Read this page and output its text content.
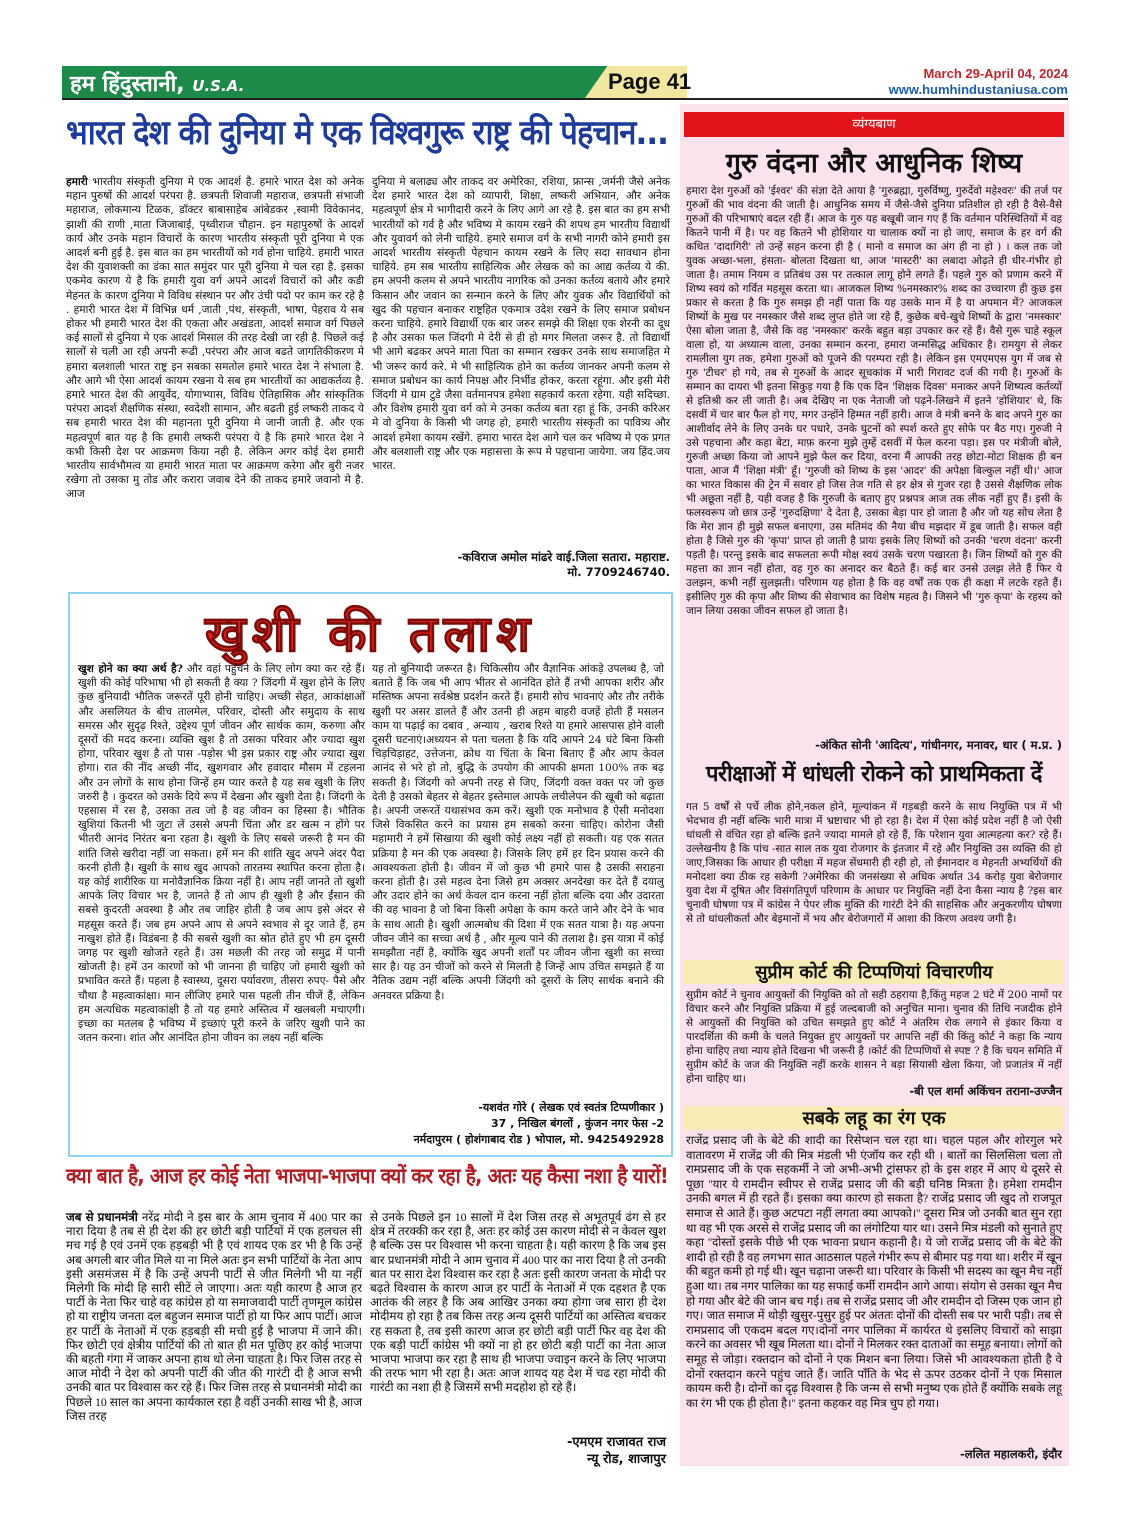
हम हिंदुस्तानी, U.S.A.	Page 41	March 29-April 04, 2024
www.humhindustaniusa.com
भारत देश की दुनिया मे एक विश्वगुरू राष्ट्र की पेहचान...
हमारी भारतीय संस्कृती दुनिया मे एक आदर्श है. हमारे भारत देश को अनेक महान पुरुषों की आदर्श परंपरा है. छत्रपती शिवाजी महाराज, छत्रपती संभाजी महाराज, लोकमान्य टिळक, डॉक्टर बाबासाहेब आंबेडकर ,स्वामी विवेकानंद, झाशी की राणी ,माता जिजाबाई, पृथ्वीराज चौहान. इन महापुरुषों के आदर्श कार्य और उनके महान विचारों के कारण भारतीय संस्कृती पूरी दुनिया मे एक आदर्श बनी हुई है. इस बात का हम भारतीयों को गर्व होना चाहिये. हमारी भारत देश की युवाशक्ती का डंका सात समुंदर पार पूरी दुनिया मे चल रहा है. इसका एकमेव कारण ये है कि हमारी युवा वर्ग अपने आदर्श विचारों को और कडी मेहनत के कारण दुनिया मे विविध संस्थान पर और उंची पदो पर काम कर रहे है . हमारी भारत देश में विभिन्न धर्म ,जाती ,पंथ, संस्कृती, भाषा, पेहराव ये सब होकर भी हमारी भारत देश की एकता और अखंडता, आदर्श समाज वर्ग पिछले कई सालों से दुनिया मे एक आदर्श मिसाल की तरह देखी जा रही है. पिछले कई सालों से चली आ रही अपनी रूढी ,परंपरा और आज बढते जागतिकीकरण मे हमारा बलशाली भारत राष्ट्र इन सबका समतोल हमारे भारत देश ने संभाला है. और आगे भी ऐसा आदर्श कायम रखना ये सब हम भारतीयों का आद्यकर्तव्य है. हमारे भारत देश की आयुर्वेद, योगाभ्यास, विविध ऐतिहासिक और सांस्कृतिक परंपरा आदर्श शैक्षणिक संस्था, स्वदेशी सामान, और बढती हुई लष्करी ताकद ये सब हमारी भारत देश की महानता पूरी दुनिया मे जानी जाती है. और एक महत्वपूर्ण बात यह है कि हमारी लष्करी परंपरा ये है कि हमारे भारत देश ने कभी किसी देश पर आक्रमण किया नही है. लेकिन अगर कोई देश हमारी भारतीय सार्वभौमत्व या हमारी भारत माता पर आक्रमण करेगा और बुरी नजर रखेगा तो उसका मु तोड और करारा जवाब देने की ताकद हमारे जवानो मे है. आज
दुनिया मे बलाढ्य और ताकद वर अमेरिका, रशिया, फ्रान्स ,जर्मनी जैसे अनेक देश हमारे भारत देश को व्यापारी, शिक्षा, लष्करी अभियान, और अनेक महत्वपूर्ण क्षेत्र मे भागीदारी करने के लिए आगे आ रहे है. इस बात का हम सभी भारतीयों को गर्व है और भविष्य मे कायम रखने की शपथ हम भारतीय विद्यार्थी और युवावर्ग को लेनी चाहिये. हमारे समाज वर्ग के सभी नागरी कोने हमारी इस आदर्श भारतीय संस्कृती पेहचान कायम रखने के लिए सदा सावधान होना चाहिये. हम सब भारतीय साहित्यिक और लेखक को का आद्य कर्तव्य ये की. हम अपनी कलम से अपने भारतीय नागरिक को उनका कर्तव्य बताये और हमारे किसान और जवान का सन्मान करने के लिए और युवक और विद्यार्थियों को खुद की पहचान बनाकर राष्ट्रहित एकमात्र उदेश रखने के लिए समाज प्रबोधन करना चाहिये. हमारे विद्यार्थी एक बार जरुर समझे की शिक्षा एक शेरनी का दूध है और उसका फल जिंदगी मे देरी से ही हो मगर मिलता जरूर है. तो विद्यार्थी भी आगे बढकर अपने माता पिता का सम्मान रखकर उनके साथ समाजहित मे भी जरूर कार्य करे. मे भी साहित्यिक होने का कर्तव्य जानकर अपनी कलम से समाज प्रबोधन का कार्य निपक्ष और निर्भीड होकर, करता रहूंगा. और इसी मेरी जिंदगी मे ग्राम टुडे जैसा वर्तमानपत्र हमेशा सहकार्य करता रहेगा. यही सदिच्छा. और विशेष हमारी युवा वर्ग को मे उनका कर्तव्य बता रहा हूं कि, उनकी करिअर मे वो दुनिया के किसी भी जगह हो, हमारी भारतीय संस्कृती का पावित्र्य और आदर्श हमेशा कायम रखेंगे. हमारा भारत देश आगे चल कर भविष्य मे एक प्रगत और बलशाली राष्ट्र और एक महासत्ता के रूप मे पहचाना जायेगा. जय हिंद.जय भारत.
-कविराज अमोल मांढरे वाई.जिला सतारा. महाराष्ट.
मो. 7709246740.
खुशी की तलाश
खुश होने का क्या अर्थ है? और वहां पहुंचने के लिए लोग क्या कर रहे हैं। खुशी की कोई परिभाषा भी हो सकती है क्या ? जिंदगी में खुश होने के लिए कुछ बुनियादी भौतिक जरूरतें पूरी होनी चाहिए। अच्छी सेहत, आकांक्षाओं और असलियत के बीच तालमेल, परिवार, दोस्ती और समुदाय के साथ समरस और सुदृढ़ रिश्ते, उद्देश्य पूर्ण जीवन और सार्थक काम, करुणा और दूसरों की मदद करना। व्यक्ति खुश है तो उसका परिवार और ज्यादा खुश होगा, परिवार खुश है तो पास -पड़ोस भी इस प्रकार राष्ट्र और ज्यादा खुश होगा। रात की नींद अच्छी नींद, खुशगवार और हवादार मौसम में टहलना और उन लोगों के साथ होना जिन्हें हम प्यार करते है यह सब खुशी के लिए जरुरी है । कुदरत को उसके दिये रूप में देखना और खुशी देता है। जिंदगी के एहसास में रस है, उसका तत्व जो है वह जीवन का हिस्सा है। भौतिक खुशियां कितनी भी जुटा लें उससे अपनी चिंता और डर खत्म न होंगे पर भीतरी आनंद निरंतर बना रहता है। खुशी के लिए सबसे जरूरी है मन की शांति जिसे खरीदा नहीं जा सकता। हमें मन की शांति खुद अपने अंदर पैदा करनी होती है। खुशी के साथ खुद आपको तारतम्य स्थापित करना होता है। यह कोई शारीरिक या मनोवैज्ञानिक क्रिया नहीं है। आप नहीं जानते तो खुशी आपके लिए विचार भर है, जानते हैं तो आप ही खुशी है और ईंसान की सबसे कुदरती अवस्था है और तब जाहिर होती है जब आप इसे अंदर से महसूस करते हैं। जब हम अपने आप से अपने स्वभाव से दूर जाते हैं, हम नाखुश होते हैं। विडंबना है की सबसे खुशी का स्रोत होते हुए भी हम दूसरी जगह पर खुशी खोजते रहते हैं। उस मछली की तरह जो समुद्र में पानी खोजती है। हमें उन कारणों को भी जानना ही चाहिए जो हमारी खुशी को प्रभावित करते हैं। पहला है स्वास्थ्य, दूसरा पर्यावरण, तीसरा रुपए- पैसे और चौथा है महत्वाकांक्षा। मान लीजिए हमारे पास पहली तीन चीजें हैं, लेकिन हम अत्यधिक महत्वाकांक्षी है तो यह हमारे अस्तित्व में खलबली मचाएगी। इच्छा का मतलब है भविष्य में इच्छाएं पूरी करने के जरिए खुशी पाने का जतन करना। शांत और आनंदित होना जीवन का लक्ष्य नहीं बल्कि
यह तो बुनियादी जरूरत है। चिकित्सीय और वैज्ञानिक आंकड़े उपलब्ध है, जो बताते हैं कि जब भी आप भीतर से आनंदित होते हैं तभी आपका शरीर और मस्तिष्क अपना सर्वश्रेष्ठ प्रदर्शन करते हैं। हमारी सोच भावनाएं और तौर तरीके खुशी पर असर डालते हैं और उतनी ही अहम बाहरी वजहें होती हैं मसलन काम या पढ़ाई का दबाव , अन्याय , खराब रिश्ते या हमारे आसपास होने वाली दूसरी घटनाएं।अध्ययन से पता चलता है कि यदि आपने 24 घंटे बिना किसी चिड़चिड़ाहट, उत्तेजना, क्रोध या चिंता के बिना बिताए हैं और आप केवल आनंद से भरे हो तो, बुद्धि के उपयोग की आपकी क्षमता 100% तक बढ़ सकती है। जिंदगी को अपनी तरह से जिए, जिंदगी वक्त वक्त पर जो कुछ देती है उसको बेहतर से बेहतर इस्तेमाल आपके लचीलेपन की खूबी को बढ़ाता है। अपनी जरूरतें यथासंभव कम करें। खुशी एक मनोभाव है ऐसी मनोदशा जिसे विकसित करने का प्रयास हम सबको करना चाहिए। कोरोना जैसी महामारी ने हमें सिखाया की खुशी कोई लक्ष्य नहीं हो सकती। यह एक सतत प्रक्रिया है मन की एक अवस्था है। जिसके लिए हमें हर दिन प्रयास करने की आवश्यकता होती है। जीवन में जो कुछ भी हमारे पास है उसकी सराहना करना होती है। उसे महत्व देना जिसे हम अक्सर अनदेखा कर देते हैं दयालु और उदार होने का अर्थ केवल दान करना नहीं होता बल्कि दया और उदारता की वह भावना है जो बिना किसी अपेक्षा के काम करते जाने और देने के भाव के साथ आती है। खुशी आत्मबोध की दिशा में एक सतत यात्रा है। यह अपना जीवन जीने का सच्चा अर्थ है , और मूल्य पाने की तलाश है। इस यात्रा में कोई समझौता नहीं है, क्योंकि खुद अपनी शर्तों पर जीवन जीना खुशी का सच्चा सार है। यह उन चीजों को करने से मिलती है जिन्हें आप उचित समझते हैं या नैतिक उद्यम नहीं बल्कि अपनी जिंदगी को दूसरों के लिए सार्थक बनाने की अनवरत प्रक्रिया है।
-यशवंत गोरे ( लेखक एवं स्वतंत्र टिप्पणीकार )
37 , निखिल बंगलों , कुंजन नगर फेस -2
नर्मदापुरम ( होशंगाबाद रोड ) भोपाल, मो. 9425492928
क्या बात है, आज हर कोई नेता भाजपा-भाजपा क्यों कर रहा है, अतः यह कैसा नशा है यारों!
जब से प्रधानमंत्री नरेंद्र मोदी ने इस बार के आम चुनाव में 400 पार का नारा दिया है तब से ही देश की हर छोटी बड़ी पार्टियों में एक हलचल सी मच गई है एवं उनमें एक हड़बड़ी भी है एवं शायद एक डर भी है कि उन्हें अब अगली बार जीत मिले या ना मिले अतः इन सभी पार्टियों के नेता आप इसी असमंजस में है कि उन्हें अपनी पार्टी से जीत मिलेगी भी या नहीं मिलेगी कि मोदी हि सारी सीटें ले जाएगा। अतः यही कारण है आज हर पार्टी के नेता फिर चाहे वह कांग्रेस हो या समाजवादी पार्टी तृणमूल कांग्रेस हो या राष्ट्रीय जनता दल बहुजन समाज पार्टी हो या फिर आप पार्टी। आज हर पार्टी के नेताओं में एक हड़बड़ी सी मची हुई है भाजपा में जाने की। फिर छोटी एवं क्षेत्रीय पार्टियों की तो बात ही मत पूछिए हर कोई भाजपा की बहती गंगा में जाकर अपना हाथ धो लेना चाहता है। फिर जिस तरह से आज मोदी ने देश को अपनी पार्टी की जीत की गारंटी दी है आज सभी उनकी बात पर विश्वास कर रहे हैं। फिर जिस तरह से प्रधानमंत्री मोदी का पिछले 10 साल का अपना कार्यकाल रहा है वहीं उनकी साख भी है, आज जिस तरह
से उनके पिछले इन 10 सालों में देश जिस तरह से अभूतपूर्व ढंग से हर क्षेत्र में तरक्की कर रहा है, अतः हर कोई उस कारण मोदी से न केवल खुश है बल्कि उस पर विश्वास भी करना चाहता है। यही कारण है कि जब इस बार प्रधानमंत्री मोदी ने आम चुनाव में 400 पार का नारा दिया है तो उनकी बात पर सारा देश विश्वास कर रहा है अतः इसी कारण जनता के मोदी पर बढ़ते विश्वास के कारण आज हर पार्टी के नेताओं में एक दहशत है एक आतंक की लहर है कि अब आखिर उनका क्या होगा जब सारा ही देश मोदीमय हो रहा है तब किस तरह अन्य दूसरी पार्टियों का अस्तित्व बचकर रह सकता है, तब इसी कारण आज हर छोटी बड़ी पार्टी फिर वह देश की एक बड़ी पार्टी कांग्रेस भी क्यों ना हो हर छोटी बड़ी पार्टी का नेता आज भाजपा भाजपा कर रहा है साथ ही भाजपा ज्वाइन करने के लिए भाजपा की तरफ भाग भी रहा है। अतः आज शायद यह देश में चढ रहा मोदी की गारंटी का नशा ही है जिसमें सभी मदहोश हो रहे हैं।
-एमएम राजावत राज
न्यू रोड, शाजापुर
व्यंग्यबाण
गुरु वंदना और आधुनिक शिष्य
हमारा देश गुरुओं को 'ईश्वर' की संज्ञा देते आया है 'गुरुब्रह्मा, गुरुर्विष्णु, गुरुर्देवो महेश्वरः' की तर्ज पर गुरुओं की भाव वंदना की जाती है। आधुनिक समय में जैसे-जैसे दुनिया प्रतिशील हो रही है वैसे-वैसे गुरुओं की परिभाषाएं बदल रही हैं। आज के गुरु यह बखूबी जान गए हैं कि वर्तमान परिस्थितियों में वह कितने पानी में है। पर वह कितने भी होशियार या चालाक क्यों ना हो जाए, समाज के हर वर्ग की कथित 'दादागिरी' तो उन्हें सहन करना ही है ( मानो व समाज का अंग ही ना हो ) । कल तक जो युवक अच्छा-भला, हंसता- बोलता दिखता था, आज 'मास्टरी' का लबादा ओढ़ते ही धीर-गंभीर हो जाता है। तमाम नियम व प्रतिबंध उस पर तत्काल लागू होने लगते हैं। पहले गुरु को प्रणाम करने में शिष्य स्वयं को गर्वित महसूस करता था। आजकल शिष्य %नमस्कार% शब्द का उच्चारण ही कुछ इस प्रकार से करता है कि गुरु समझ ही नहीं पाता कि यह उसके मान में है या अपमान में? आजकल शिष्यों के मुख पर नमस्कार जैसे शब्द लुप्त होते जा रहे हैं, कुछेक बचे-खुचे शिष्यों के द्वारा 'नमस्कार' ऐसा बोला जाता है, जैसे कि वह 'नमस्कार' करके बहुत बड़ा उपकार कर रहे हैं। वैसे गुरू चाहे स्कूल वाला हो, या अध्यात्म वाला, उनका सम्मान करना, हमारा जन्मसिद्ध अधिकार है। रामयुग से लेकर रामलीला युग तक, हमेशा गुरुओं को पूजने की परम्परा रही है। लेकिन इस एमएमएस युग में जब से गुरु 'टीचर' हो गये, तब से गुरुओं के आदर सूचकांक में भारी गिरावट दर्ज की गयी है। गुरुओं के सम्मान का दायरा भी इतना सिकुड़ गया है कि एक दिन 'शिक्षक दिवस' मनाकर अपने शिष्यत्व कर्तव्यों से इतिश्री कर ली जाती है। अब देखिए ना एक नेताजी जो पढ़ने-लिखने में इतने 'होशियार' थे, कि दसवीं में चार बार फैल हो गए, मगर उन्होंने हिम्मत नहीं हारी। आज वे मंत्री बनने के बाद अपने गुरु का आशीर्वाद लेने के लिए उनके घर पधारे, उनके घुटनों को स्पर्श करते हुए सोफे पर बैठ गए। गुरुजी ने उसे पहचाना और कहा बेटा, माफ़ करना मुझे तुम्हें दसवीं में फेल करना पड़ा। इस पर मंत्रीजी बोले, गुरुजी अच्छा किया जो आपने मुझे फेल कर दिया, वरना मैं आपकी तरह छोटा-मोटा शिक्षक ही बन पाता, आज मैं 'शिक्षा मंत्री' हूँ। 'गुरुजी को शिष्य के इस 'आदर' की अपेक्षा बिल्कुल नहीं थी।' आज का भारत विकास की ट्रेन में सवार हो जिस तेज गति से हर क्षेत्र से गुजर रहा है उससे शैक्षणिक लोक भी अछूता नहीं है, यही वजह है कि गुरुजी के बताए हुए प्रश्नपत्र आज तक लीक नहीं हुए हैं। इसी के फलस्वरूप जो छात्र उन्हें 'गुरुदक्षिणा' दे देता है, उसका बेड़ा पार हो जाता है और जो यह सोच लेता है कि मेरा ज्ञान ही मुझे सफल बनाएगा, उस मतिमंद की नैया बीच मझदार में डूब जाती है। सफल वही होता है जिसे गुरु की 'कृपा' प्राप्त हो जाती है प्रायः इसके लिए शिष्यों को उनकी 'चरण वंदना' करनी पड़ती है। परन्तु इसके बाद सफलता रूपी मोक्ष स्वयं उसके चरण पखारता है। जिन शिष्यों को गुरु की महत्ता का ज्ञान नहीं होता, वह गुरु का अनादर कर बैठते हैं। कई बार उनसे उलझ लेते हैं फिर ये उलझन, कभी नहीं सुलझती। परिणाम यह होता है कि वह वर्षों तक एक ही कक्षा में लटके रहते हैं। इसीलिए गुरु की कृपा और शिष्य की सेवाभाव का विशेष महत्व है। जिसने भी 'गुरु कृपा' के रहस्य को जान लिया उसका जीवन सफल हो जाता है।
-अंकित सोनी 'आदित्य', गांधीनगर, मनावर, धार ( म.प्र. )
परीक्षाओं में धांधली रोकने को प्राथमिकता दें
गत 5 वर्षों से पर्चे लीक होने,नकल होने, मूल्यांकन में गड़बड़ी करने के साथ नियुक्ति पत्र में भी भेदभाव ही नहीं बल्कि भारी मात्रा में भ्रष्टाचार भी हो रहा है। देश में ऐसा कोई प्रदेश नहीं है जो ऐसी धांधली से वंचित रहा हो बल्कि इतने ज्यादा मामले हो रहे हैं, कि परेशान युवा आत्महत्या कर? रहे हैं। उल्लेखनीय है कि पांच -सात साल तक युवा रोजगार के इंतजार में रहे और नियुक्ति उस व्यक्ति की हो जाए,जिसका कि आधार ही परीक्षा में महज सेंधमारी ही रही हो, तो ईमानदार व मेहनती अभ्यर्थियों की मनोदशा क्या ठीक रह सकेगी ?अमेरिका की जनसंख्या से अधिक अर्थात 34 करोड़ युवा बेरोजगार युवा देश में दूषित और विसंगतिपूर्ण परिणाम के आधार पर नियुक्ति नहीं देना कैसा न्याय है ?इस बार चुनावी घोषणा पत्र में कांग्रेस ने पेपर लीक मुक्ति की गारंटी देने की साहसिक और अनुकरणीय घोषणा से तो धांधलीकर्ता और बेइमानों में भय और बेरोजगारों में आशा की किरण अवश्य जगी है।
सुप्रीम कोर्ट की टिप्पणियां विचारणीय
सुप्रीम कोर्ट ने चुनाव आयुक्तों की नियुक्ति को तो सही ठहराया है,किंतु महज 2 घंटे में 200 नामों पर विचार करने और नियुक्ति प्रक्रिया में हुई जल्दबाजी को अनुचित माना। चुनाव की तिथि नजदीक होने से आयुक्तों की नियुक्ति को उचित समझते हुए कोर्ट ने अंतरिम रोक लगाने से इंकार किया व पारदर्शिता की कमी के चलते नियुक्त हुए आयुक्तों पर आपत्ति नहीं की किंतु कोर्ट ने कहा कि न्याय होना चाहिए तथा न्याय होते दिखना भी जरूरी है ।कोर्ट की टिप्पणियों से स्पष्ट ? है कि चयन समिति में सुप्रीम कोर्ट के जज की नियुक्ति नहीं करके शासन ने बड़ा सियासी खेला किया, जो प्रजातंत्र में नहीं होना चाहिए था।
-बी एल शर्मा अकिंचन तराना-उज्जैन
सबके लहू का रंग एक
राजेंद्र प्रसाद जी के बेटे की शादी का रिसेप्शन चल रहा था। चहल पहल और शोरगुल भरे वातावरण में राजेंद्र जी की मित्र मंडली भी एंजॉय कर रही थी । बातों का सिलसिला चला तो रामप्रसाद जी के एक सहकर्मी ने जो अभी-अभी ट्रांसफर हो के इस शहर में आए थे दूसरे से पूछा ''यार ये रामदीन स्वीपर से राजेंद्र प्रसाद जी की बड़ी घनिष्ठ मित्रता है। हमेशा रामदीन उनकी बगल में ही रहते हैं। इसका क्या कारण हो सकता है? राजेंद्र प्रसाद जी खुद तो राजपूत समाज से आते हैं। कुछ अटपटा नहीं लगता क्या आपको।'' दूसरा मित्र जो उनकी बात सुन रहा था वह भी एक अरसे से राजेंद्र प्रसाद जी का लंगोटिया यार था। उसने मित्र मंडली को सुनाते हुए कहा ''दोस्तों इसके पीछे भी एक भावना प्रधान कहानी है। ये जो राजेंद्र प्रसाद जी के बेटे की शादी हो रही है वह लगभग सात आठसाल पहले गंभीर रूप से बीमार पड़ गया था। शरीर में खून की बहुत कमी हो गई थी। खून चढ़ाना जरूरी था। परिवार के किसी भी सदस्य का खून मैच नहीं हुआ था। तब नगर पालिका का यह सफाई कर्मी रामदीन आगे आया। संयोग से उसका खून मैच हो गया और बेटे की जान बच गई। तब से राजेंद्र प्रसाद जी और रामदीन दो जिस्म एक जान हो गए। जात समाज में थोड़ी खुसुर-पुसुर हुई पर अंततः दोनों की दोस्ती सब पर भारी पड़ी। तब से रामप्रसाद जी एकदम बदल गए।दोनों नगर पालिका में कार्यरत थे इसलिए विचारों को साझा करने का अवसर भी खूब मिलता था। दोनों ने मिलकर रक्त दाताओं का समूह बनाया। लोगों को समूह से जोड़ा। रक्तदान को दोनों ने एक मिशन बना लिया। जिसे भी आवश्यकता होती है वे दोनों रक्तदान करने पहुंच जाते हैं। जाति पाँति के भेद से ऊपर उठकर दोनों ने एक मिसाल कायम करी है। दोनों का दृढ़ विश्वास है कि जन्म से सभी मनुष्य एक होते हैं क्योंकि सबके लहू का रंग भी एक ही होता है।'' इतना कहकर वह मित्र चुप हो गया।
-ललित महालकरी, इंदौर
